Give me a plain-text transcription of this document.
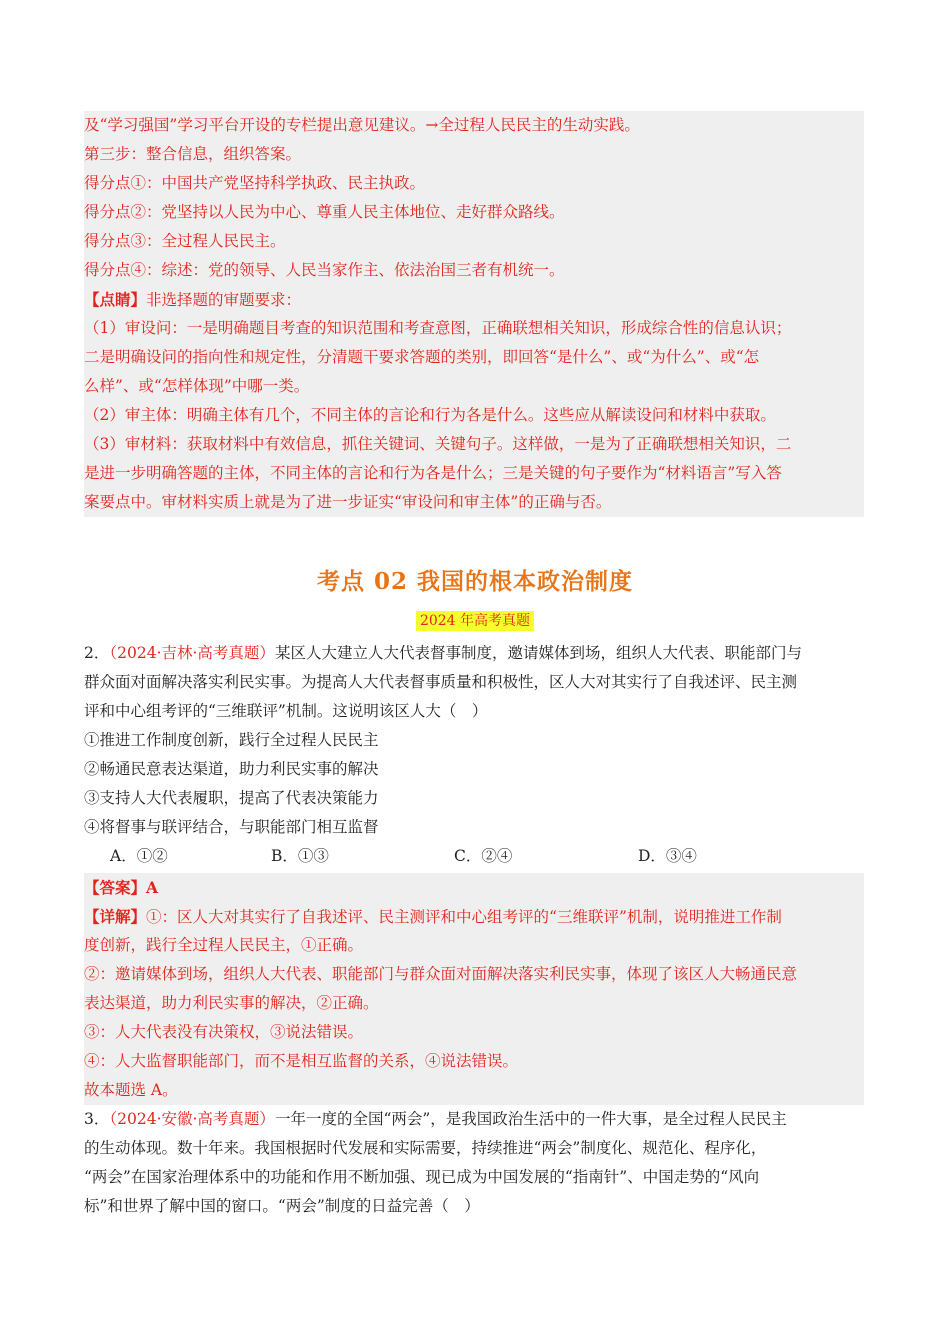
及“学习强国”学习平台开设的专栏提出意见建议。→全过程人民民主的生动实践。
第三步：整合信息，组织答案。
得分点①：中国共产党坚持科学执政、民主执政。
得分点②：党坚持以人民为中心、尊重人民主体地位、走好群众路线。
得分点③：全过程人民民主。
得分点④：综述：党的领导、人民当家作主、依法治国三者有机统一。
【点睛】非选择题的审题要求：
（1）审设问：一是明确题目考查的知识范围和考查意图，正确联想相关知识，形成综合性的信息认识；
二是明确设问的指向性和规定性，分清题干要求答题的类别，即回答“是什么”、或“为什么”、或“怎
么样”、或“怎样体现”中哪一类。
（2）审主体：明确主体有几个，不同主体的言论和行为各是什么。这些应从解读设问和材料中获取。
（3）审材料：获取材料中有效信息，抓住关键词、关键句子。这样做，一是为了正确联想相关知识，二
是进一步明确答题的主体，不同主体的言论和行为各是什么；三是关键的句子要作为“材料语言”写入答
案要点中。审材料实质上就是为了进一步证实“审设问和审主体”的正确与否。
考点 02 我国的根本政治制度
2024 年高考真题
2．（2024·吉林·高考真题）某区人大建立人大代表督事制度，邀请媒体到场，组织人大代表、职能部门与
群众面对面解决落实利民实事。为提高人大代表督事质量和积极性，区人大对其实行了自我述评、民主测
评和中心组考评的“三维联评”机制。这说明该区人大（　）
①推进工作制度创新，践行全过程人民民主
②畅通民意表达渠道，助力利民实事的解决
③支持人大代表履职，提高了代表决策能力
④将督事与联评结合，与职能部门相互监督
A．①②	B．①③	C．②④	D．③④
【答案】A
【详解】①：区人大对其实行了自我述评、民主测评和中心组考评的“三维联评”机制，说明推进工作制
度创新，践行全过程人民民主，①正确。
②：邀请媒体到场，组织人大代表、职能部门与群众面对面解决落实利民实事，体现了该区人大畅通民意
表达渠道，助力利民实事的解决，②正确。
③：人大代表没有决策权，③说法错误。
④：人大监督职能部门，而不是相互监督的关系，④说法错误。
故本题选 A。
3．（2024·安徽·高考真题）一年一度的全国“两会”，是我国政治生活中的一件大事，是全过程人民民主
的生动体现。数十年来。我国根据时代发展和实际需要，持续推进“两会”制度化、规范化、程序化，
“两会”在国家治理体系中的功能和作用不断加强、现已成为中国发展的“指南针”、中国走势的“风向
标”和世界了解中国的窗口。“两会”制度的日益完善（　）
